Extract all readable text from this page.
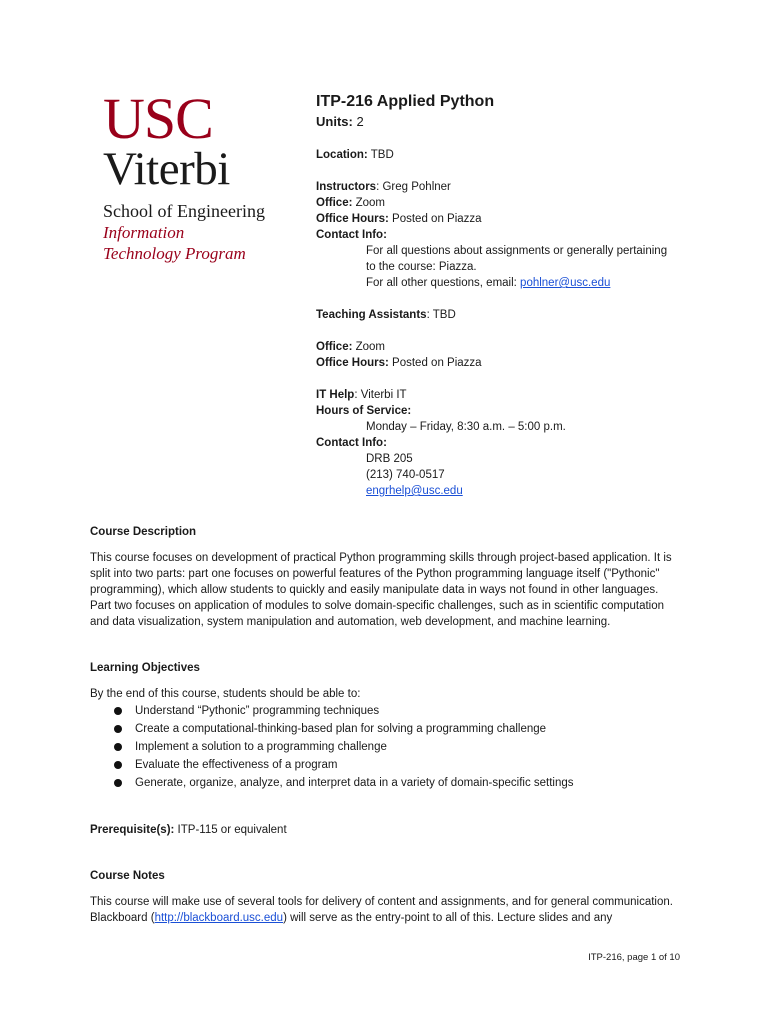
USC
Viterbi
School of Engineering
Information
Technology Program
ITP-216 Applied Python
Units: 2
Location: TBD
Instructors: Greg Pohlner
Office: Zoom
Office Hours: Posted on Piazza
Contact Info:
For all questions about assignments or generally pertaining
to the course: Piazza.
For all other questions, email: pohlner@usc.edu
Teaching Assistants: TBD
Office: Zoom
Office Hours: Posted on Piazza
IT Help: Viterbi IT
Hours of Service:
Monday – Friday, 8:30 a.m. – 5:00 p.m.
Contact Info:
DRB 205
(213) 740-0517
engrhelp@usc.edu
Course Description
This course focuses on development of practical Python programming skills through project-based application. It is
split into two parts: part one focuses on powerful features of the Python programming language itself ("Pythonic"
programming), which allow students to quickly and easily manipulate data in ways not found in other languages.
Part two focuses on application of modules to solve domain-specific challenges, such as in scientific computation
and data visualization, system manipulation and automation, web development, and machine learning.
Learning Objectives
By the end of this course, students should be able to:
Understand “Pythonic” programming techniques
Create a computational-thinking-based plan for solving a programming challenge
Implement a solution to a programming challenge
Evaluate the effectiveness of a program
Generate, organize, analyze, and interpret data in a variety of domain-specific settings
Prerequisite(s): ITP-115 or equivalent
Course Notes
This course will make use of several tools for delivery of content and assignments, and for general communication.
Blackboard (http://blackboard.usc.edu) will serve as the entry-point to all of this. Lecture slides and any
ITP-216, page 1 of 10
